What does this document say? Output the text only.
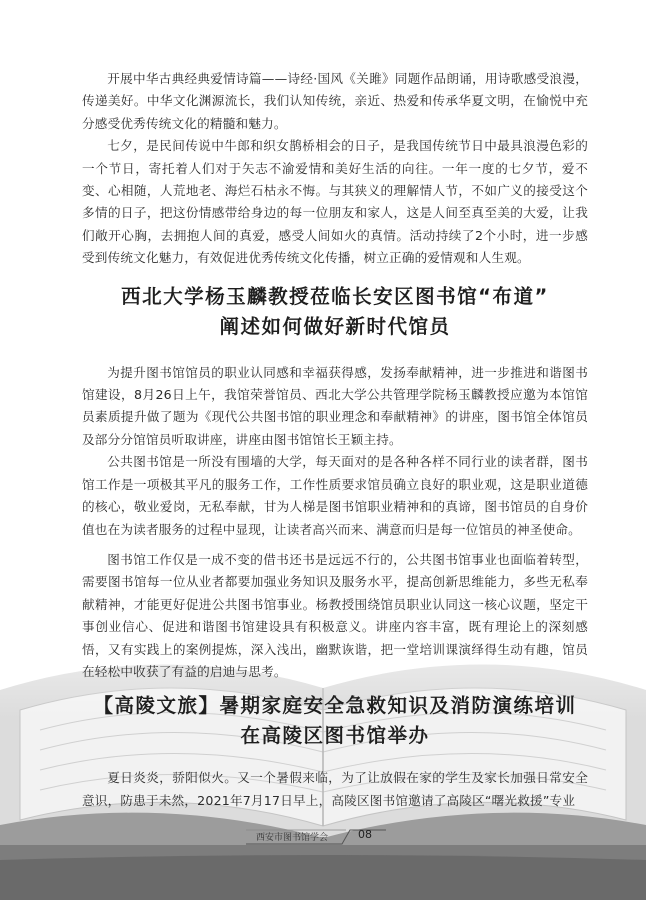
开展中华古典经典爱情诗篇——诗经·国风《关雎》同题作品朗诵，用诗歌感受浪漫，传递美好。中华文化渊源流长，我们认知传统，亲近、热爱和传承华夏文明，在愉悦中充分感受优秀传统文化的精髓和魅力。

七夕，是民间传说中牛郎和织女鹊桥相会的日子，是我国传统节日中最具浪漫色彩的一个节日，寄托着人们对于矢志不渝爱情和美好生活的向往。一年一度的七夕节，爱不变、心相随，人荒地老、海烂石枯永不悔。与其狭义的理解情人节，不如广义的接受这个多情的日子，把这份情感带给身边的每一位朋友和家人，这是人间至真至美的大爱，让我们敞开心胸，去拥抱人间的真爱，感受人间如火的真情。活动持续了2个小时，进一步感受到传统文化魅力，有效促进优秀传统文化传播，树立正确的爱情观和人生观。

西北大学杨玉麟教授莅临长安区图书馆“布道”
阐述如何做好新时代馆员

为提升图书馆馆员的职业认同感和幸福获得感，发扬奉献精神，进一步推进和谐图书馆建设，8月26日上午，我馆荣誉馆员、西北大学公共管理学院杨玉麟教授应邀为本馆馆员素质提升做了题为《现代公共图书馆的职业理念和奉献精神》的讲座，图书馆全体馆员及部分分馆馆员听取讲座，讲座由图书馆馆长王颖主持。

公共图书馆是一所没有围墙的大学，每天面对的是各种各样不同行业的读者群，图书馆工作是一项极其平凡的服务工作，工作性质要求馆员确立良好的职业观，这是职业道德的核心，敬业爱岗，无私奉献，甘为人梯是图书馆职业精神和的真谛，图书馆员的自身价值也在为读者服务的过程中显现，让读者高兴而来、满意而归是每一位馆员的神圣使命。

图书馆工作仅是一成不变的借书还书是远远不行的，公共图书馆事业也面临着转型，需要图书馆每一位从业者都要加强业务知识及服务水平，提高创新思维能力，多些无私奉献精神，才能更好促进公共图书馆事业。杨教授围绕馆员职业认同这一核心议题，坚定干事创业信心、促进和谐图书馆建设具有积极意义。讲座内容丰富，既有理论上的深刻感悟，又有实践上的案例提炼，深入浅出，幽默诙谐，把一堂培训课演绎得生动有趣，馆员在轻松中收获了有益的启迪与思考。

【高陵文旅】暑期家庭安全急救知识及消防演练培训
在高陵区图书馆举办

夏日炎炎，骄阳似火。又一个暑假来临，为了让放假在家的学生及家长加强日常安全意识，防患于未然，2021年7月17日早上，高陵区图书馆邀请了高陵区“曙光救援”专业

西安市图书馆学会	08
